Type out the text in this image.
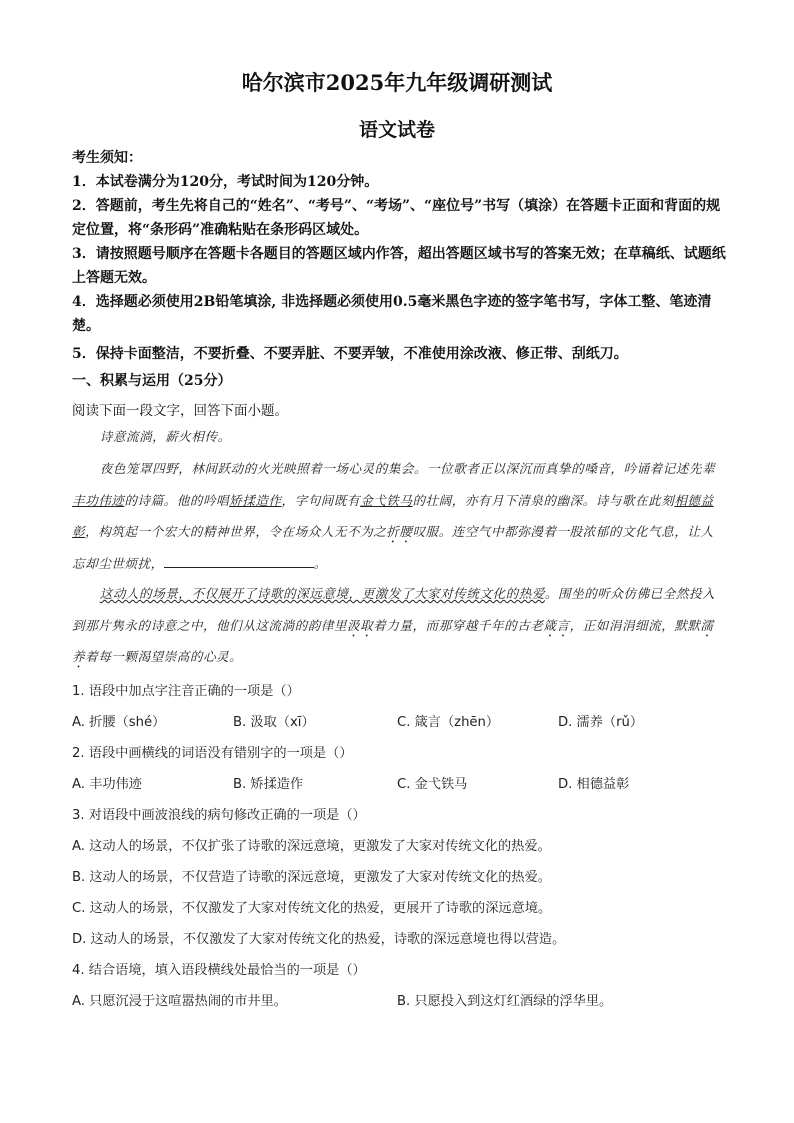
哈尔滨市2025年九年级调研测试
语文试卷
考生须知：
1．本试卷满分为120分，考试时间为120分钟。
2．答题前，考生先将自己的“姓名”、“考号”、“考场”、“座位号”书写（填涂）在答题卡正面和背面的规定位置，将“条形码”准确粘贴在条形码区域处。
3．请按照题号顺序在答题卡各题目的答题区域内作答，超出答题区域书写的答案无效；在草稿纸、试题纸上答题无效。
4．选择题必须使用2B铅笔填涂, 非选择题必须使用0.5毫米黑色字迹的签字笔书写，字体工整、笔迹清楚。
5．保持卡面整洁，不要折叠、不要弄脏、不要弄皱，不准使用涂改液、修正带、刮纸刀。
一、积累与运用（25分）
阅读下面一段文字，回答下面小题。
诗意流淌，薪火相传。
夜色笼罩四野，林间跃动的火光映照着一场心灵的集会。一位歌者正以深沉而真挚的嗓音，吟诵着记述先辈丰功伟迹的诗篇。他的吟唱矫揉造作，字句间既有金弋铁马的壮阔，亦有月下清泉的幽深。诗与歌在此刻相德益彰，构筑起一个宏大的精神世界，令在场众人无不为之折腰叹服。连空气中都弥漫着一股浓郁的文化气息，让人忘却尘世烦扰，	。
这动人的场景，不仅展开了诗歌的深远意境，更激发了大家对传统文化的热爱。围坐的听众仿佛已全然投入到那片隽永的诗意之中，他们从这流淌的韵律里汲取着力量，而那穿越千年的古老箴言，正如涓涓细流，默默濡养着每一颗渴望崇高的心灵。
1. 语段中加点字注音正确的一项是（）
A. 折腰（shé）	B. 汲取（xī）	C. 箴言（zhēn）	D. 濡养（rǔ）
2. 语段中画横线的词语没有错别字的一项是（）
A. 丰功伟迹	B. 矫揉造作	C. 金弋铁马	D. 相德益彰
3. 对语段中画波浪线的病句修改正确的一项是（）
A. 这动人的场景，不仅扩张了诗歌的深远意境，更激发了大家对传统文化的热爱。
B. 这动人的场景，不仅营造了诗歌的深远意境，更激发了大家对传统文化的热爱。
C. 这动人的场景，不仅激发了大家对传统文化的热爱，更展开了诗歌的深远意境。
D. 这动人的场景，不仅激发了大家对传统文化的热爱，诗歌的深远意境也得以营造。
4. 结合语境，填入语段横线处最恰当的一项是（）
A. 只愿沉浸于这喧嚣热闹的市井里。	B. 只愿投入到这灯红酒绿的浮华里。
